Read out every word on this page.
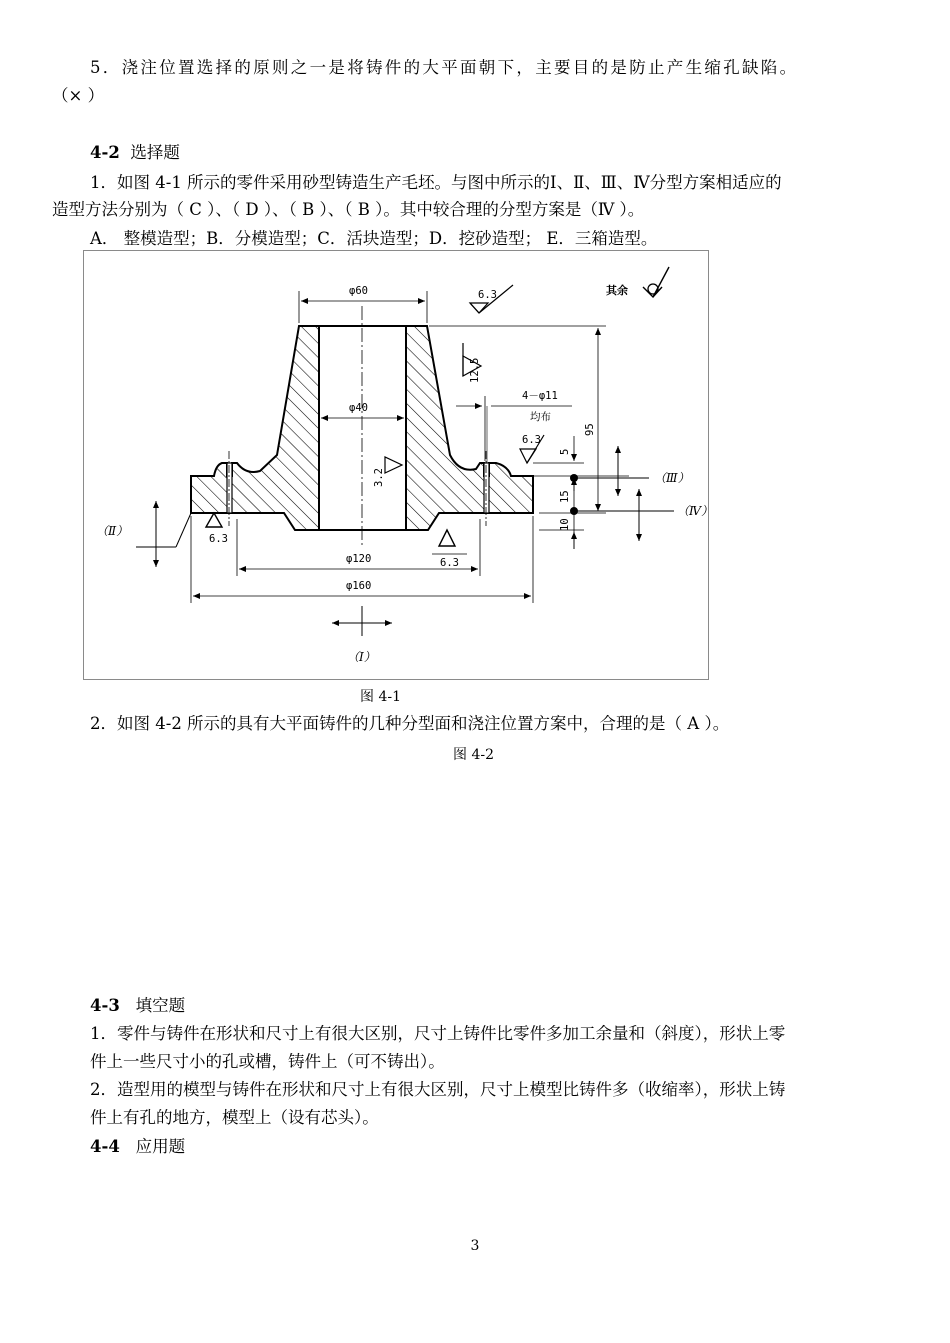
5．浇注位置选择的原则之一是将铸件的大平面朝下，主要目的是防止产生缩孔缺陷。
（× ）
4-2 选择题
1．如图 4-1 所示的零件采用砂型铸造生产毛坯。与图中所示的Ⅰ、Ⅱ、Ⅲ、Ⅳ分型方案相适应的
造型方法分别为（ C ）、（ D ）、（ B ）、（ B ）。其中较合理的分型方案是（Ⅳ ）。
A． 整模造型；B．分模造型；C．活块造型；D．挖砂造型； E．三箱造型。
φ60
φ40
φ120
φ160
95
5
15
10
（Ⅲ）
（Ⅳ）
（Ⅱ）
（Ⅰ）
4－φ11
均布
6.3
12.5
6.3
3.2
6.3
6.3
其余
图 4-1
2．如图 4-2 所示的具有大平面铸件的几种分型面和浇注位置方案中，合理的是（ A ）。
图 4-2
4-3 填空题
1．零件与铸件在形状和尺寸上有很大区别，尺寸上铸件比零件多加工余量和（斜度），形状上零
件上一些尺寸小的孔或槽，铸件上（可不铸出）。
2．造型用的模型与铸件在形状和尺寸上有很大区别，尺寸上模型比铸件多（收缩率），形状上铸
件上有孔的地方，模型上（设有芯头）。
4-4 应用题
3
